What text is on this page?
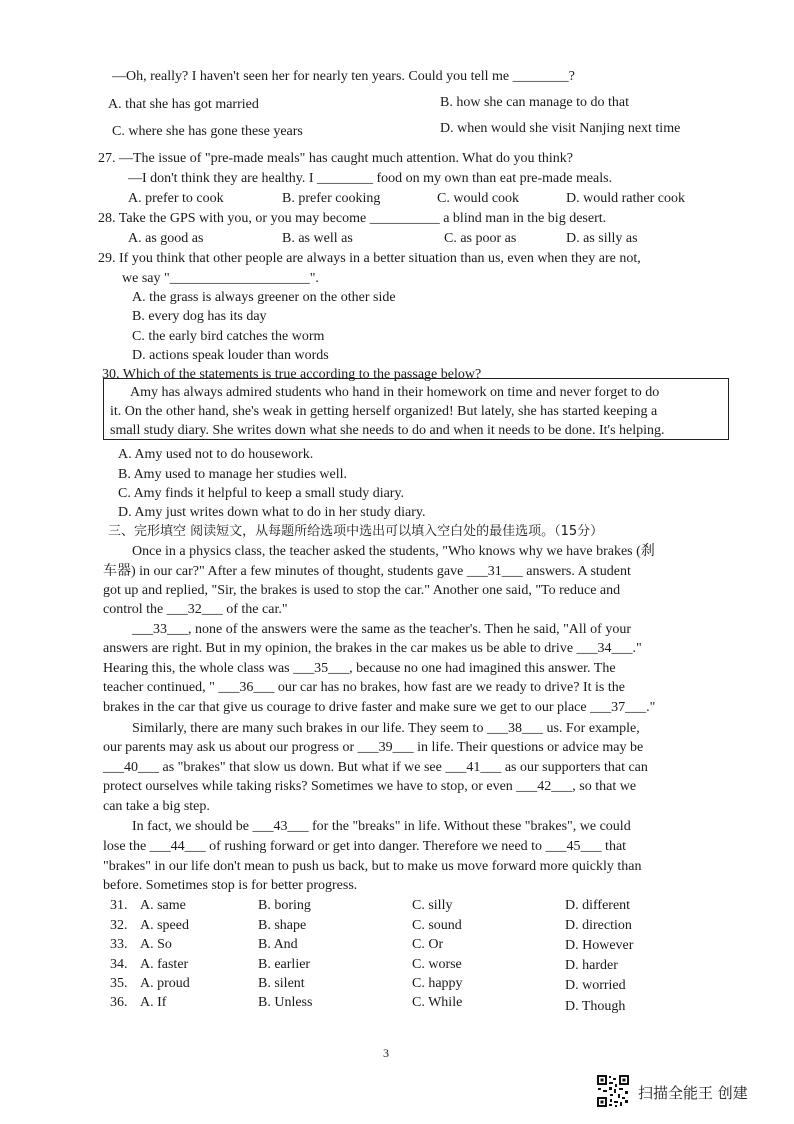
—Oh, really? I haven't seen her for nearly ten years. Could you tell me ________?
A. that she has got married	B. how she can manage to do that
C. where she has gone these years	D. when would she visit Nanjing next time
27. —The issue of "pre-made meals" has caught much attention. What do you think?
—I don't think they are healthy. I ________ food on my own than eat pre-made meals.
A. prefer to cook	B. prefer cooking	C. would cook	D. would rather cook
28. Take the GPS with you, or you may become __________ a blind man in the big desert.
A. as good as	B. as well as	C. as poor as	D. as silly as
29. If you think that other people are always in a better situation than us, even when they are not,
we say "____________________".
A. the grass is always greener on the other side
B. every dog has its day
C. the early bird catches the worm
D. actions speak louder than words
30. Which of the statements is true according to the passage below?
Amy has always admired students who hand in their homework on time and never forget to do
it. On the other hand, she's weak in getting herself organized! But lately, she has started keeping a
small study diary. She writes down what she needs to do and when it needs to be done. It's helping.
A. Amy used not to do housework.
B. Amy used to manage her studies well.
C. Amy finds it helpful to keep a small study diary.
D. Amy just writes down what to do in her study diary.
三、完形填空 阅读短文，从每题所给选项中选出可以填入空白处的最佳选项。（15分）
Once in a physics class, the teacher asked the students, "Who knows why we have brakes (刹
车器) in our car?" After a few minutes of thought, students gave ___31___ answers. A student
got up and replied, "Sir, the brakes is used to stop the car." Another one said, "To reduce and
control the ___32___ of the car."
___33___, none of the answers were the same as the teacher's. Then he said, "All of your
answers are right. But in my opinion, the brakes in the car makes us be able to drive ___34___."
Hearing this, the whole class was ___35___, because no one had imagined this answer. The
teacher continued, " ___36___ our car has no brakes, how fast are we ready to drive? It is the
brakes in the car that give us courage to drive faster and make sure we get to our place ___37___."
Similarly, there are many such brakes in our life. They seem to ___38___ us. For example,
our parents may ask us about our progress or ___39___ in life. Their questions or advice may be
___40___ as "brakes" that slow us down. But what if we see ___41___ as our supporters that can
protect ourselves while taking risks? Sometimes we have to stop, or even ___42___, so that we
can take a big step.
In fact, we should be ___43___ for the "breaks" in life. Without these "brakes", we could
lose the ___44___ of rushing forward or get into danger. Therefore we need to ___45___ that
"brakes" in our life don't mean to push us back, but to make us move forward more quickly than
before. Sometimes stop is for better progress.
31. A. same	B. boring	C. silly	D. different
32. A. speed	B. shape	C. sound	D. direction
33. A. So	B. And	C. Or	D. However
34. A. faster	B. earlier	C. worse	D. harder
35. A. proud	B. silent	C. happy	D. worried
36. A. If	B. Unless	C. While	D. Though
3
扫描全能王 创建
